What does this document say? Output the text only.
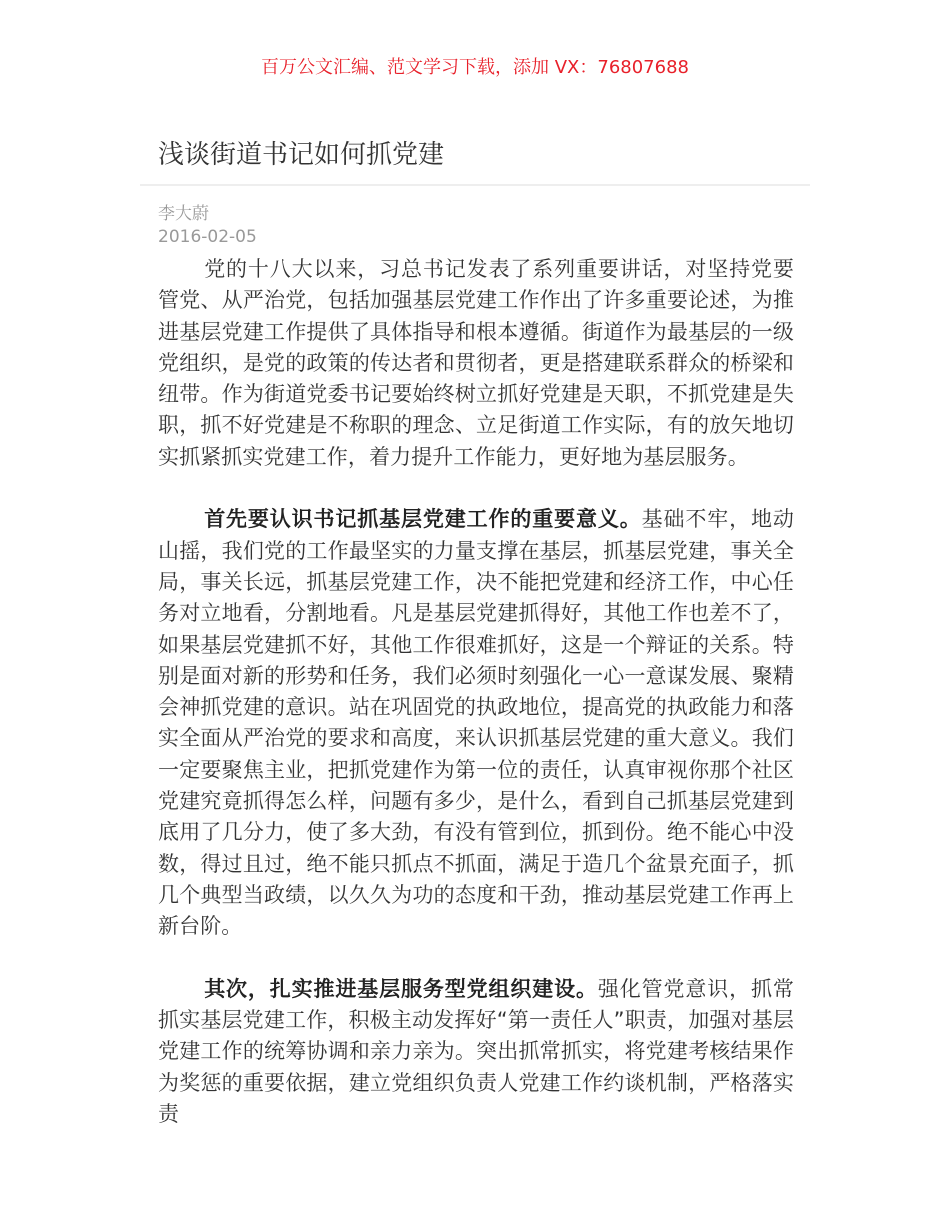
百万公文汇编、范文学习下载，添加 VX：76807688
浅谈街道书记如何抓党建
李大蔚
2016-02-05

党的十八大以来，习总书记发表了系列重要讲话，对坚持党要管党、从严治党，包括加强基层党建工作作出了许多重要论述，为推进基层党建工作提供了具体指导和根本遵循。街道作为最基层的一级党组织，是党的政策的传达者和贯彻者，更是搭建联系群众的桥梁和纽带。作为街道党委书记要始终树立抓好党建是天职，不抓党建是失职，抓不好党建是不称职的理念、立足街道工作实际，有的放矢地切实抓紧抓实党建工作，着力提升工作能力，更好地为基层服务。

首先要认识书记抓基层党建工作的重要意义。基础不牢，地动山摇，我们党的工作最坚实的力量支撑在基层，抓基层党建，事关全局，事关长远，抓基层党建工作，决不能把党建和经济工作，中心任务对立地看，分割地看。凡是基层党建抓得好，其他工作也差不了，如果基层党建抓不好，其他工作很难抓好，这是一个辩证的关系。特别是面对新的形势和任务，我们必须时刻强化一心一意谋发展、聚精会神抓党建的意识。站在巩固党的执政地位，提高党的执政能力和落实全面从严治党的要求和高度，来认识抓基层党建的重大意义。我们一定要聚焦主业，把抓党建作为第一位的责任，认真审视你那个社区党建究竟抓得怎么样，问题有多少，是什么，看到自己抓基层党建到底用了几分力，使了多大劲，有没有管到位，抓到份。绝不能心中没数，得过且过，绝不能只抓点不抓面，满足于造几个盆景充面子，抓几个典型当政绩，以久久为功的态度和干劲，推动基层党建工作再上新台阶。

其次，扎实推进基层服务型党组织建设。强化管党意识，抓常抓实基层党建工作，积极主动发挥好“第一责任人”职责，加强对基层党建工作的统筹协调和亲力亲为。突出抓常抓实，将党建考核结果作为奖惩的重要依据，建立党组织负责人党建工作约谈机制，严格落实责
